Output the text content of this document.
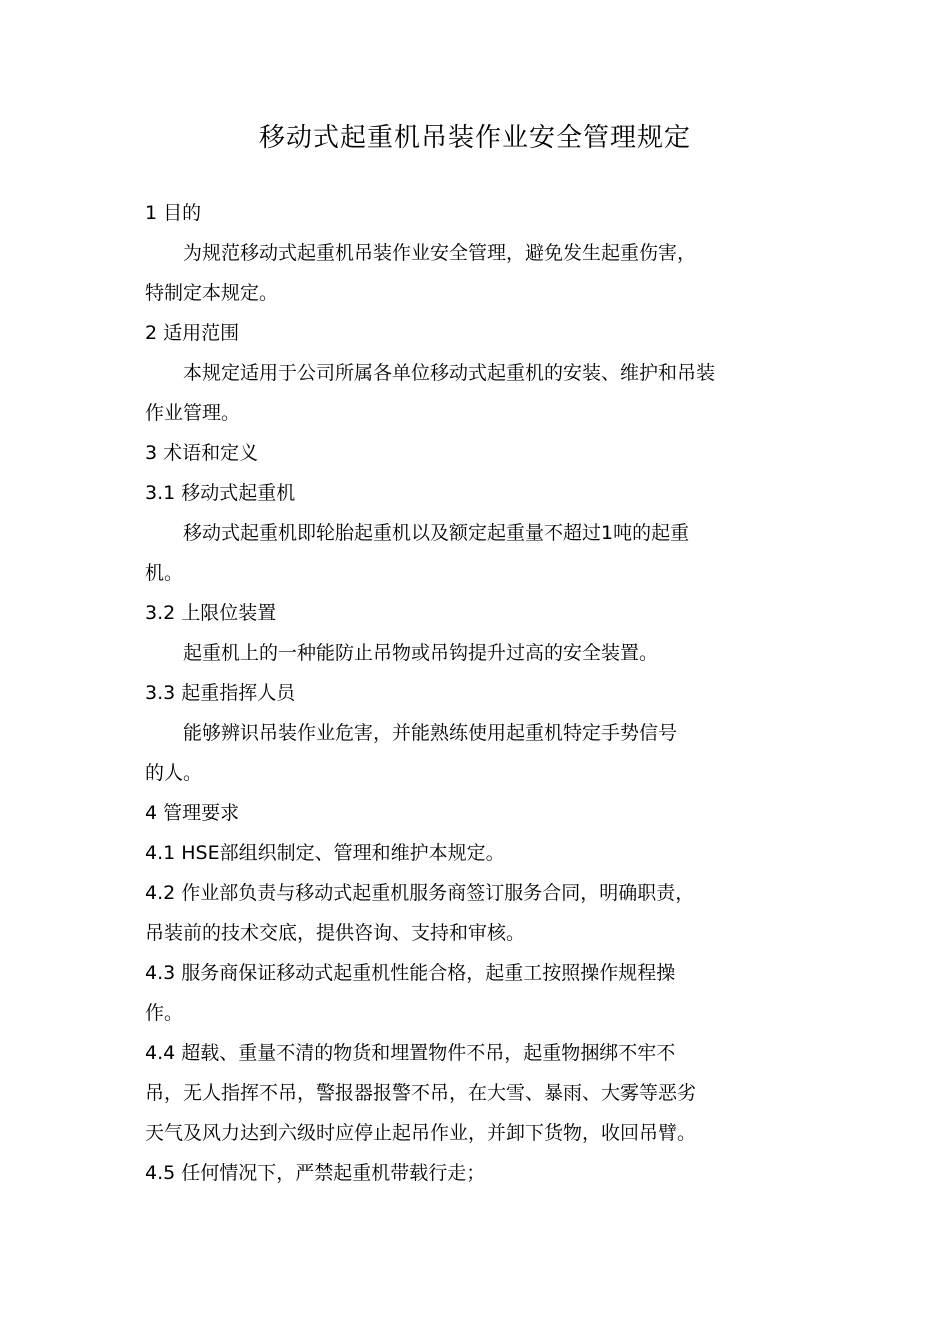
移动式起重机吊装作业安全管理规定

1 目的

为规范移动式起重机吊装作业安全管理，避免发生起重伤害，

特制定本规定。

2 适用范围

本规定适用于公司所属各单位移动式起重机的安装、维护和吊装

作业管理。

3 术语和定义

3.1 移动式起重机

移动式起重机即轮胎起重机以及额定起重量不超过1吨的起重

机。

3.2 上限位装置

起重机上的一种能防止吊物或吊钩提升过高的安全装置。

3.3 起重指挥人员

能够辨识吊装作业危害，并能熟练使用起重机特定手势信号

的人。

4 管理要求

4.1 HSE部组织制定、管理和维护本规定。

4.2 作业部负责与移动式起重机服务商签订服务合同，明确职责，

吊装前的技术交底，提供咨询、支持和审核。

4.3 服务商保证移动式起重机性能合格，起重工按照操作规程操

作。

4.4 超载、重量不清的物货和埋置物件不吊，起重物捆绑不牢不

吊，无人指挥不吊，警报器报警不吊，在大雪、暴雨、大雾等恶劣

天气及风力达到六级时应停止起吊作业，并卸下货物，收回吊臂。

4.5 任何情况下，严禁起重机带载行走；
